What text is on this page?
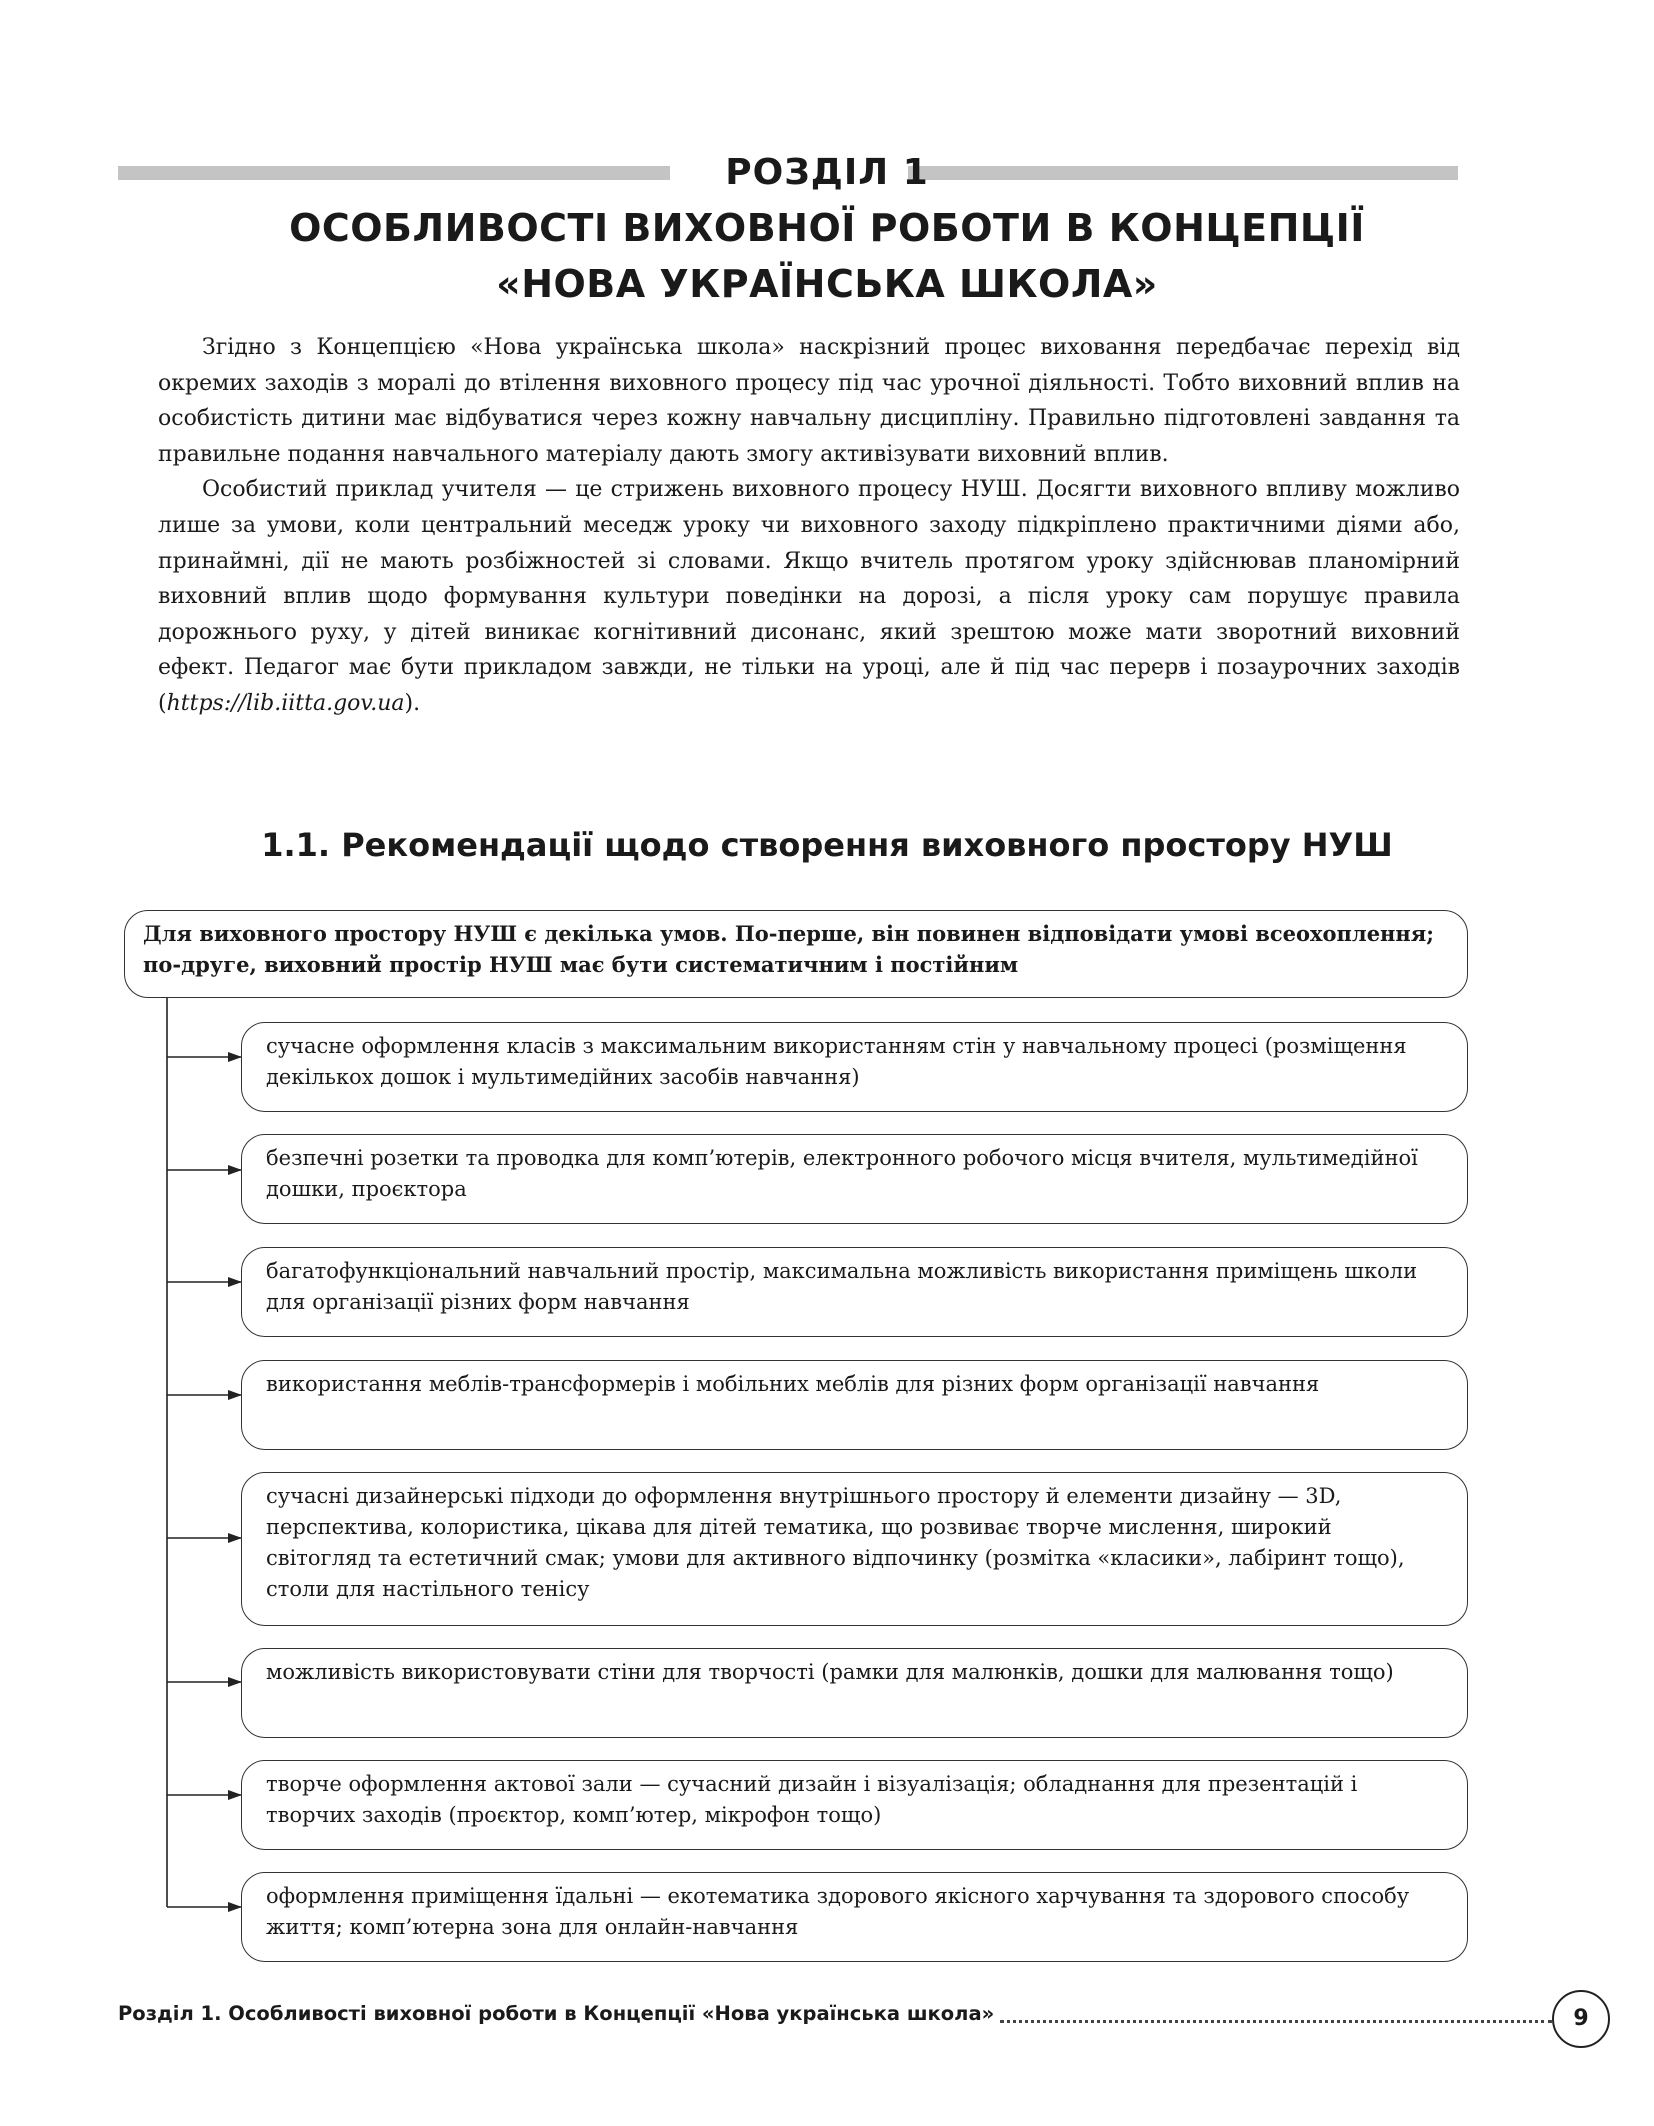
РОЗДІЛ 1
ОСОБЛИВОСТІ ВИХОВНОЇ РОБОТИ В КОНЦЕПЦІЇ
«НОВА УКРАЇНСЬКА ШКОЛА»

Згідно з Концепцією «Нова українська школа» наскрізний процес виховання передбачає перехід від окремих заходів з моралі до втілення виховного процесу під час урочної діяльності. Тобто виховний вплив на особистість дитини має відбуватися через кожну навчальну дисципліну. Правильно підготовлені завдання та правильне подання навчального матеріалу дають змогу активізувати виховний вплив.

Особистий приклад учителя — це стрижень виховного процесу НУШ. Досягти виховного впливу можливо лише за умови, коли центральний меседж уроку чи виховного заходу підкріплено практичними діями або, принаймні, дії не мають розбіжностей зі словами. Якщо вчитель протягом уроку здійснював планомірний виховний вплив щодо формування культури поведінки на дорозі, а після уроку сам порушує правила дорожнього руху, у дітей виникає когнітивний дисонанс, який зрештою може мати зворотний виховний ефект. Педагог має бути прикладом завжди, не тільки на уроці, але й під час перерв і позаурочних заходів (https://lib.iitta.gov.ua).

1.1. Рекомендації щодо створення виховного простору НУШ
Для виховного простору НУШ є декілька умов. По-перше, він повинен відповідати умові всеохоплення; по-друге, виховний простір НУШ має бути систематичним і постійним
сучасне оформлення класів з максимальним використанням стін у навчальному процесі (розміщення декількох дошок і мультимедійних засобів навчання)
безпечні розетки та проводка для комп’ютерів, електронного робочого місця вчителя, мультимедійної дошки, проєктора
багатофункціональний навчальний простір, максимальна можливість використання приміщень школи для організації різних форм навчання
використання меблів-трансформерів і мобільних меблів для різних форм організації навчання
сучасні дизайнерські підходи до оформлення внутрішнього простору й елементи дизайну — 3D, перспектива, колористика, цікава для дітей тематика, що розвиває творче мислення, широкий світогляд та естетичний смак; умови для активного відпочинку (розмітка «класики», лабіринт тощо), столи для настільного тенісу
можливість використовувати стіни для творчості (рамки для малюнків, дошки для малювання тощо)
творче оформлення актової зали — сучасний дизайн і візуалізація; обладнання для презентацій і творчих заходів (проєктор, комп’ютер, мікрофон тощо)
оформлення приміщення їдальні — екотематика здорового якісного харчування та здорового способу життя; комп’ютерна зона для онлайн-навчання
Розділ 1. Особливості виховної роботи в Концепції «Нова українська школа»	9
